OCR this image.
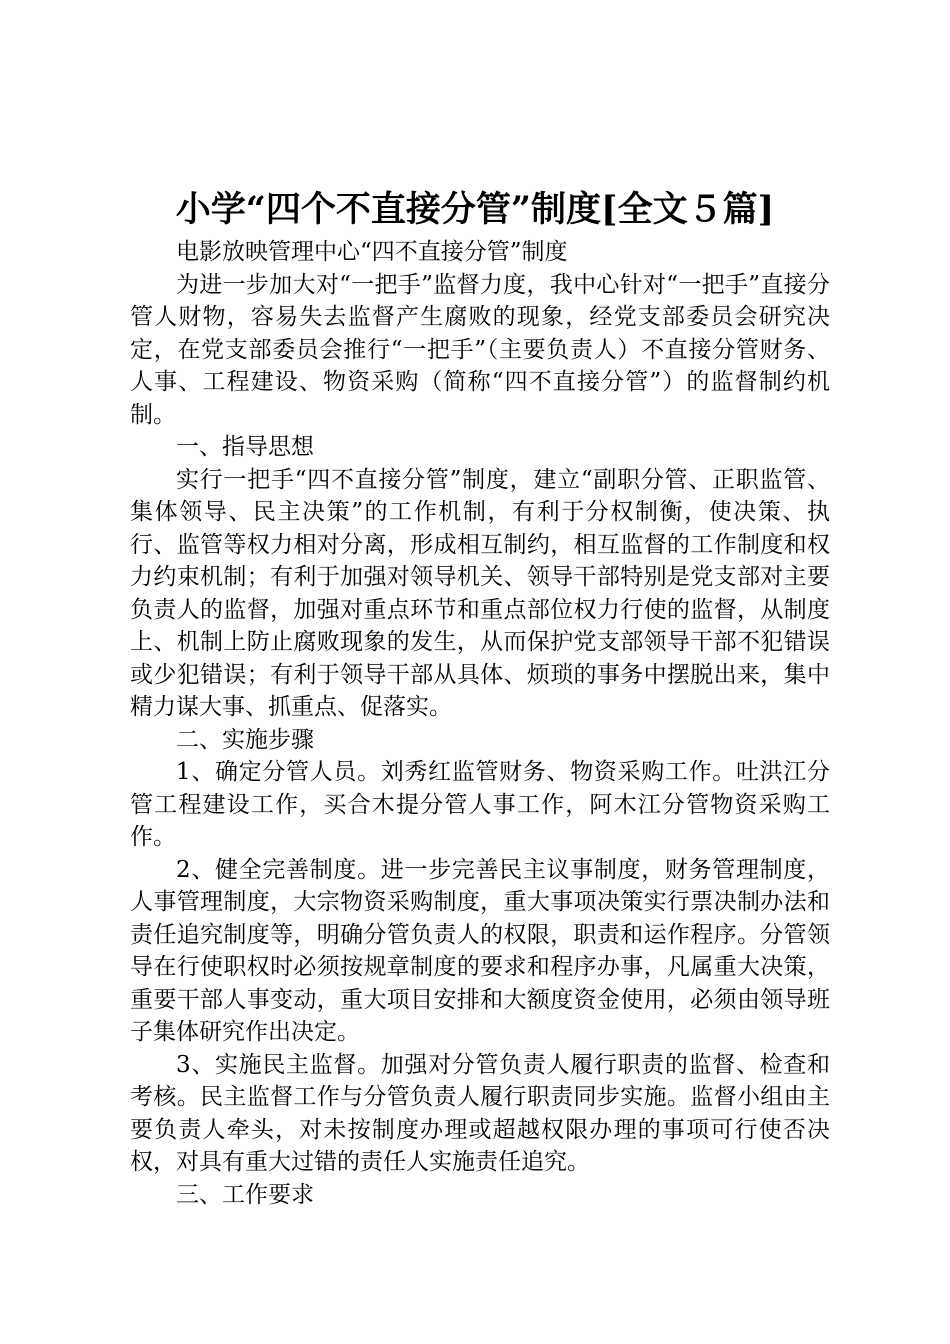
小学“四个不直接分管”制度[全文５篇]

电影放映管理中心“四不直接分管”制度

为进一步加大对“一把手”监督力度，我中心针对“一把手”直接分管人财物，容易失去监督产生腐败的现象，经党支部委员会研究决定，在党支部委员会推行“一把手”（主要负责人）不直接分管财务、人事、工程建设、物资采购（简称“四不直接分管”）的监督制约机制。

一、指导思想

实行一把手“四不直接分管”制度，建立“副职分管、正职监管、集体领导、民主决策”的工作机制，有利于分权制衡，使决策、执行、监管等权力相对分离，形成相互制约，相互监督的工作制度和权力约束机制；有利于加强对领导机关、领导干部特别是党支部对主要负责人的监督，加强对重点环节和重点部位权力行使的监督，从制度上、机制上防止腐败现象的发生，从而保护党支部领导干部不犯错误或少犯错误；有利于领导干部从具体、烦琐的事务中摆脱出来，集中精力谋大事、抓重点、促落实。

二、实施步骤

1、确定分管人员。刘秀红监管财务、物资采购工作。吐洪江分管工程建设工作，买合木提分管人事工作，阿木江分管物资采购工作。

2、健全完善制度。进一步完善民主议事制度，财务管理制度，人事管理制度，大宗物资采购制度，重大事项决策实行票决制办法和责任追究制度等，明确分管负责人的权限，职责和运作程序。分管领导在行使职权时必须按规章制度的要求和程序办事，凡属重大决策，重要干部人事变动，重大项目安排和大额度资金使用，必须由领导班子集体研究作出决定。

3、实施民主监督。加强对分管负责人履行职责的监督、检查和考核。民主监督工作与分管负责人履行职责同步实施。监督小组由主要负责人牵头，对未按制度办理或超越权限办理的事项可行使否决权，对具有重大过错的责任人实施责任追究。

三、工作要求
